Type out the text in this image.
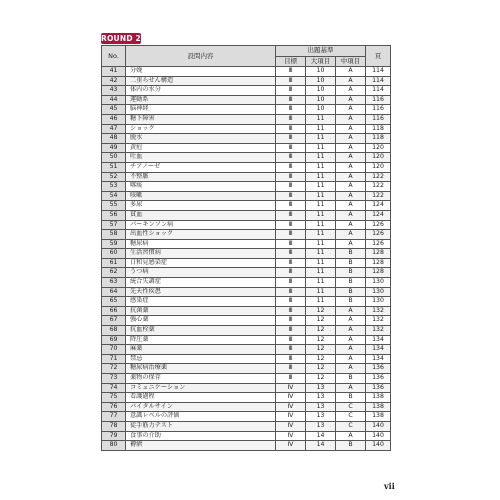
ROUND 2
No.	設問内容	出題基準			頁
		目標	大項目	中項目	
41	分娩	Ⅲ	10	A	114
42	二重らせん構造	Ⅲ	10	A	114
43	体内の水分	Ⅲ	10	A	114
44	運動系	Ⅲ	10	A	116
45	脳神経	Ⅲ	10	A	116
46	糖下障害	Ⅲ	11	A	116
47	ショック	Ⅲ	11	A	118
48	脱水	Ⅲ	11	A	118
49	黄疸	Ⅲ	11	A	120
50	吐血	Ⅲ	11	A	120
51	チアノーゼ	Ⅲ	11	A	120
52	不整脈	Ⅲ	11	A	122
53	喀痰	Ⅲ	11	A	122
54	咳嗽	Ⅲ	11	A	122
55	多尿	Ⅲ	11	A	124
56	貧血	Ⅲ	11	A	124
57	パーキンソン病	Ⅲ	11	A	126
58	出血性ショック	Ⅲ	11	A	126
59	糖尿病	Ⅲ	11	A	126
60	生活習慣病	Ⅲ	11	B	128
61	日和見感染症	Ⅲ	11	B	128
62	うつ病	Ⅲ	11	B	128
63	統合失調症	Ⅲ	11	B	130
64	先天性疾患	Ⅲ	11	B	130
65	感染症	Ⅲ	11	B	130
66	抗菌薬	Ⅲ	12	A	132
67	強心薬	Ⅲ	12	A	132
68	抗血栓薬	Ⅲ	12	A	132
69	降圧薬	Ⅲ	12	A	134
70	麻薬	Ⅲ	12	A	134
71	禁忌	Ⅲ	12	A	134
72	糖尿病治療薬	Ⅲ	12	A	136
73	薬物の保存	Ⅲ	12	B	136
74	コミュニケーション	Ⅳ	13	A	136
75	看護過程	Ⅳ	13	B	138
76	バイタルサイン	Ⅳ	13	C	138
77	意識レベルの評価	Ⅳ	13	C	138
78	徒手筋力テスト	Ⅳ	13	C	140
79	食事の介助	Ⅳ	14	A	140
80	褥瘡	Ⅳ	14	B	140
vii
